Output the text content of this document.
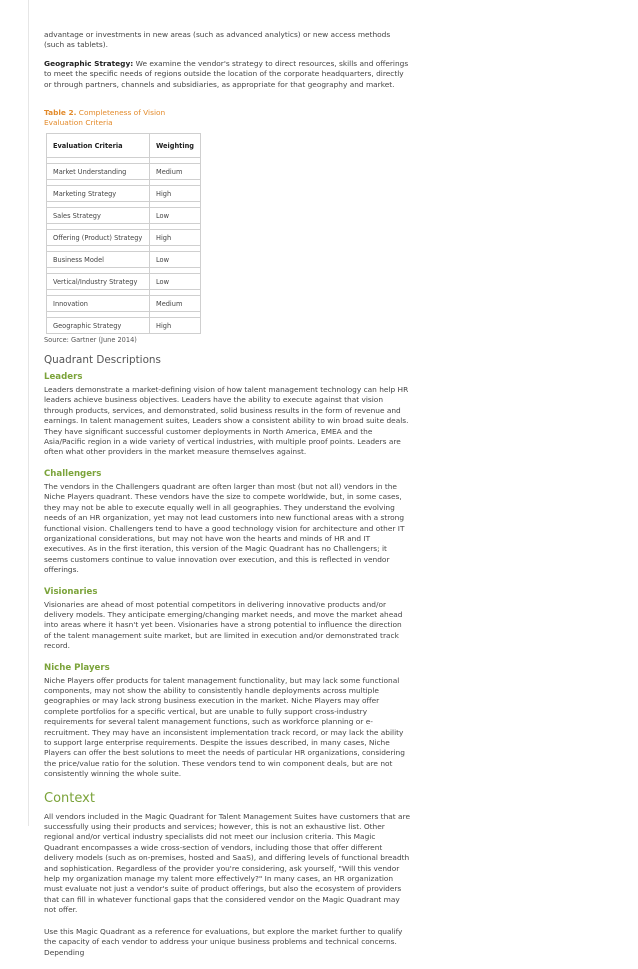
advantage or investments in new areas (such as advanced analytics) or new access methods (such as tablets).

Geographic Strategy: We examine the vendor's strategy to direct resources, skills and offerings to meet the specific needs of regions outside the location of the corporate headquarters, directly or through partners, channels and subsidiaries, as appropriate for that geography and market.

Table 2. Completeness of Vision Evaluation Criteria
Evaluation Criteria	Weighting

Market Understanding	Medium

Marketing Strategy	High

Sales Strategy	Low

Offering (Product) Strategy	High

Business Model	Low

Vertical/Industry Strategy	Low

Innovation	Medium

Geographic Strategy	High
Source: Gartner (June 2014)
Quadrant Descriptions
Leaders

Leaders demonstrate a market-defining vision of how talent management technology can help HR leaders achieve business objectives. Leaders have the ability to execute against that vision through products, services, and demonstrated, solid business results in the form of revenue and earnings. In talent management suites, Leaders show a consistent ability to win broad suite deals. They have significant successful customer deployments in North America, EMEA and the Asia/Pacific region in a wide variety of vertical industries, with multiple proof points. Leaders are often what other providers in the market measure themselves against.

Challengers

The vendors in the Challengers quadrant are often larger than most (but not all) vendors in the Niche Players quadrant. These vendors have the size to compete worldwide, but, in some cases, they may not be able to execute equally well in all geographies. They understand the evolving needs of an HR organization, yet may not lead customers into new functional areas with a strong functional vision. Challengers tend to have a good technology vision for architecture and other IT organizational considerations, but may not have won the hearts and minds of HR and IT executives. As in the first iteration, this version of the Magic Quadrant has no Challengers; it seems customers continue to value innovation over execution, and this is reflected in vendor offerings.

Visionaries

Visionaries are ahead of most potential competitors in delivering innovative products and/or delivery models. They anticipate emerging/changing market needs, and move the market ahead into areas where it hasn't yet been. Visionaries have a strong potential to influence the direction of the talent management suite market, but are limited in execution and/or demonstrated track record.

Niche Players

Niche Players offer products for talent management functionality, but may lack some functional components, may not show the ability to consistently handle deployments across multiple geographies or may lack strong business execution in the market. Niche Players may offer complete portfolios for a specific vertical, but are unable to fully support cross-industry requirements for several talent management functions, such as workforce planning or e-recruitment. They may have an inconsistent implementation track record, or may lack the ability to support large enterprise requirements. Despite the issues described, in many cases, Niche Players can offer the best solutions to meet the needs of particular HR organizations, considering the price/value ratio for the solution. These vendors tend to win component deals, but are not consistently winning the whole suite.

Context

All vendors included in the Magic Quadrant for Talent Management Suites have customers that are successfully using their products and services; however, this is not an exhaustive list. Other regional and/or vertical industry specialists did not meet our inclusion criteria. This Magic Quadrant encompasses a wide cross-section of vendors, including those that offer different delivery models (such as on-premises, hosted and SaaS), and differing levels of functional breadth and sophistication. Regardless of the provider you're considering, ask yourself, "Will this vendor help my organization manage my talent more effectively?" In many cases, an HR organization must evaluate not just a vendor's suite of product offerings, but also the ecosystem of providers that can fill in whatever functional gaps that the considered vendor on the Magic Quadrant may not offer.

Use this Magic Quadrant as a reference for evaluations, but explore the market further to qualify the capacity of each vendor to address your unique business problems and technical concerns. Depending
